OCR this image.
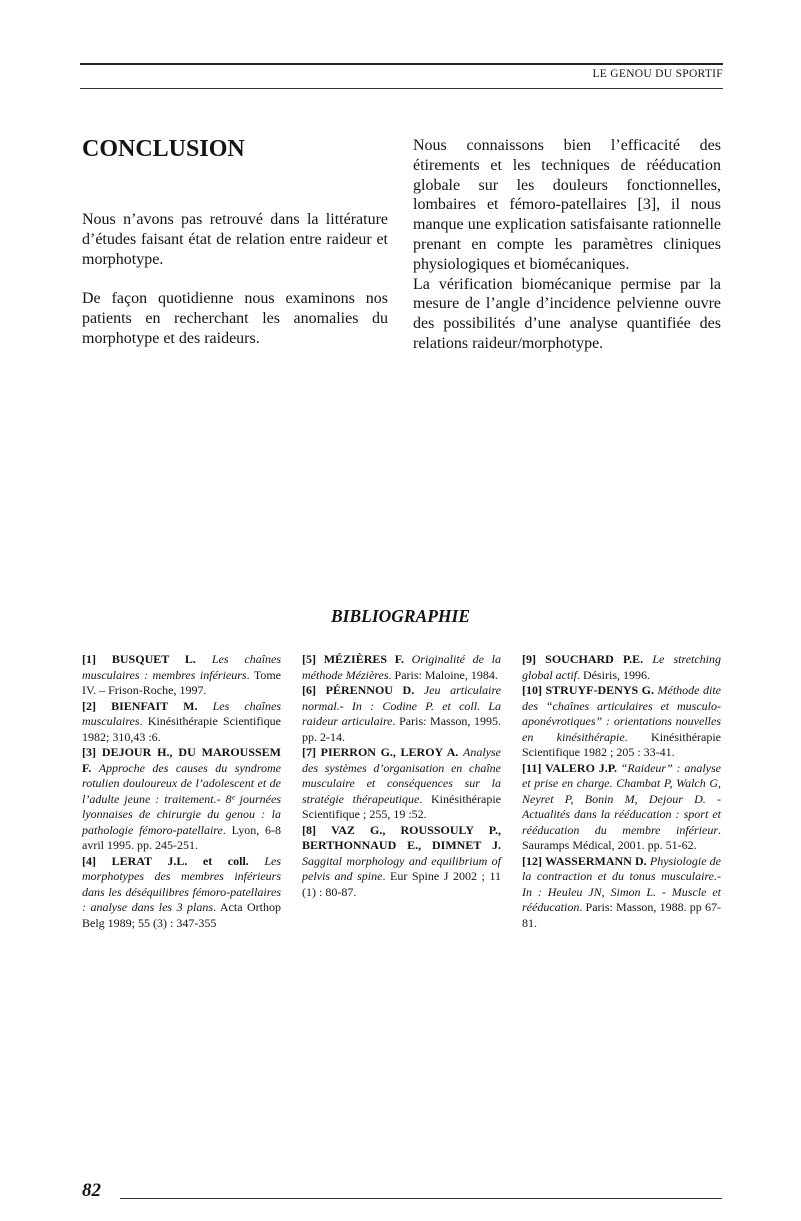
LE GENOU DU SPORTIF
CONCLUSION

Nous n’avons pas retrouvé dans la littérature d’études faisant état de relation entre raideur et morphotype.

De façon quotidienne nous examinons nos patients en recherchant les anomalies du morphotype et des raideurs.

Nous connaissons bien l’efficacité des étirements et les techniques de rééducation globale sur les douleurs fonctionnelles, lombaires et fémoro-patellaires [3], il nous manque une explication satisfaisante rationnelle prenant en compte les paramètres cliniques physiologiques et biomécaniques.

La vérification biomécanique permise par la mesure de l’angle d’incidence pelvienne ouvre des possibilités d’une analyse quantifiée des relations raideur/morphotype.

BIBLIOGRAPHIE

[1] BUSQUET L. Les chaînes musculaires : membres inférieurs. Tome IV. – Frison-Roche, 1997.

[2] BIENFAIT M. Les chaînes musculaires. Kinésithérapie Scientifique 1982; 310,43 :6.

[3] DEJOUR H., DU MAROUSSEM F. Approche des causes du syndrome rotulien douloureux de l’adolescent et de l’adulte jeune : traitement.- 8ᵉ journées lyonnaises de chirurgie du genou : la pathologie fémoro-patellaire. Lyon, 6-8 avril 1995. pp. 245-251.

[4] LERAT J.L. et coll. Les morphotypes des membres inférieurs dans les déséquilibres fémoro-patellaires : analyse dans les 3 plans. Acta Orthop Belg 1989; 55 (3) : 347-355

[5] MÉZIÈRES F. Originalité de la méthode Mézières. Paris: Maloine, 1984.

[6] PÉRENNOU D. Jeu articulaire normal.- In : Codine P. et coll. La raideur articulaire. Paris: Masson, 1995. pp. 2-14.

[7] PIERRON G., LEROY A. Analyse des systèmes d’organisation en chaîne musculaire et conséquences sur la stratégie thérapeutique. Kinésithérapie Scientifique ; 255, 19 :52.

[8] VAZ G., ROUSSOULY P., BERTHONNAUD E., DIMNET J. Saggital morphology and equilibrium of pelvis and spine. Eur Spine J 2002 ; 11 (1) : 80-87.

[9] SOUCHARD P.E. Le stretching global actif. Désiris, 1996.

[10] STRUYF-DENYS G. Méthode dite des “chaînes articulaires et musculo-aponévrotiques” : orientations nouvelles en kinésithérapie. Kinésithérapie Scientifique 1982 ; 205 : 33-41.

[11] VALERO J.P. “Raideur” : analyse et prise en charge. Chambat P, Walch G, Neyret P, Bonin M, Dejour D. - Actualités dans la rééducation : sport et rééducation du membre inférieur. Sauramps Médical, 2001. pp. 51-62.

[12] WASSERMANN D. Physiologie de la contraction et du tonus musculaire.- In : Heuleu JN, Simon L. - Muscle et rééducation. Paris: Masson, 1988. pp 67-81.

82
